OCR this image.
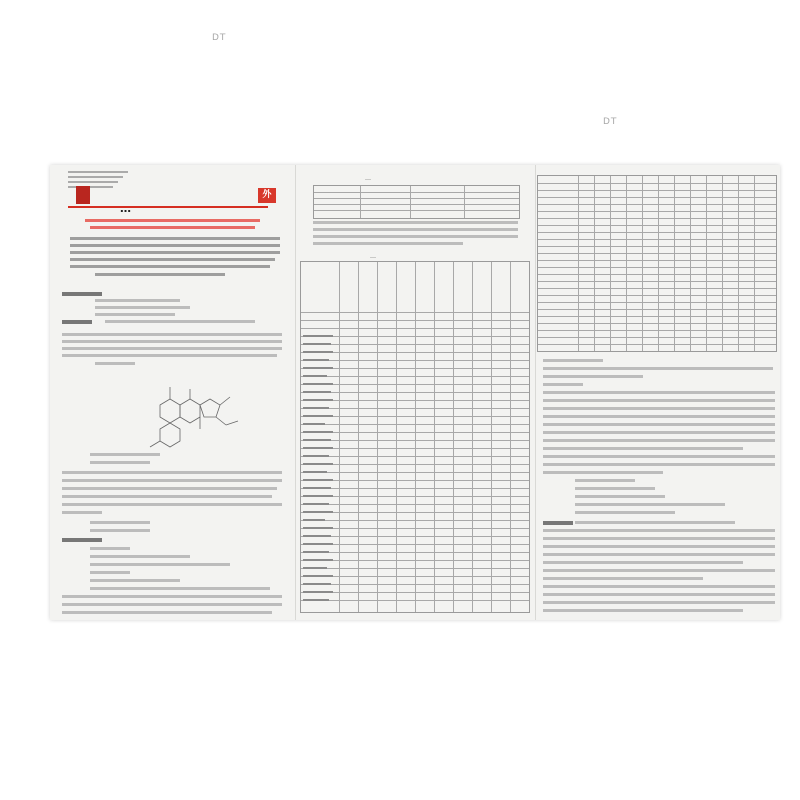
DT
DT
外
…
…
…
